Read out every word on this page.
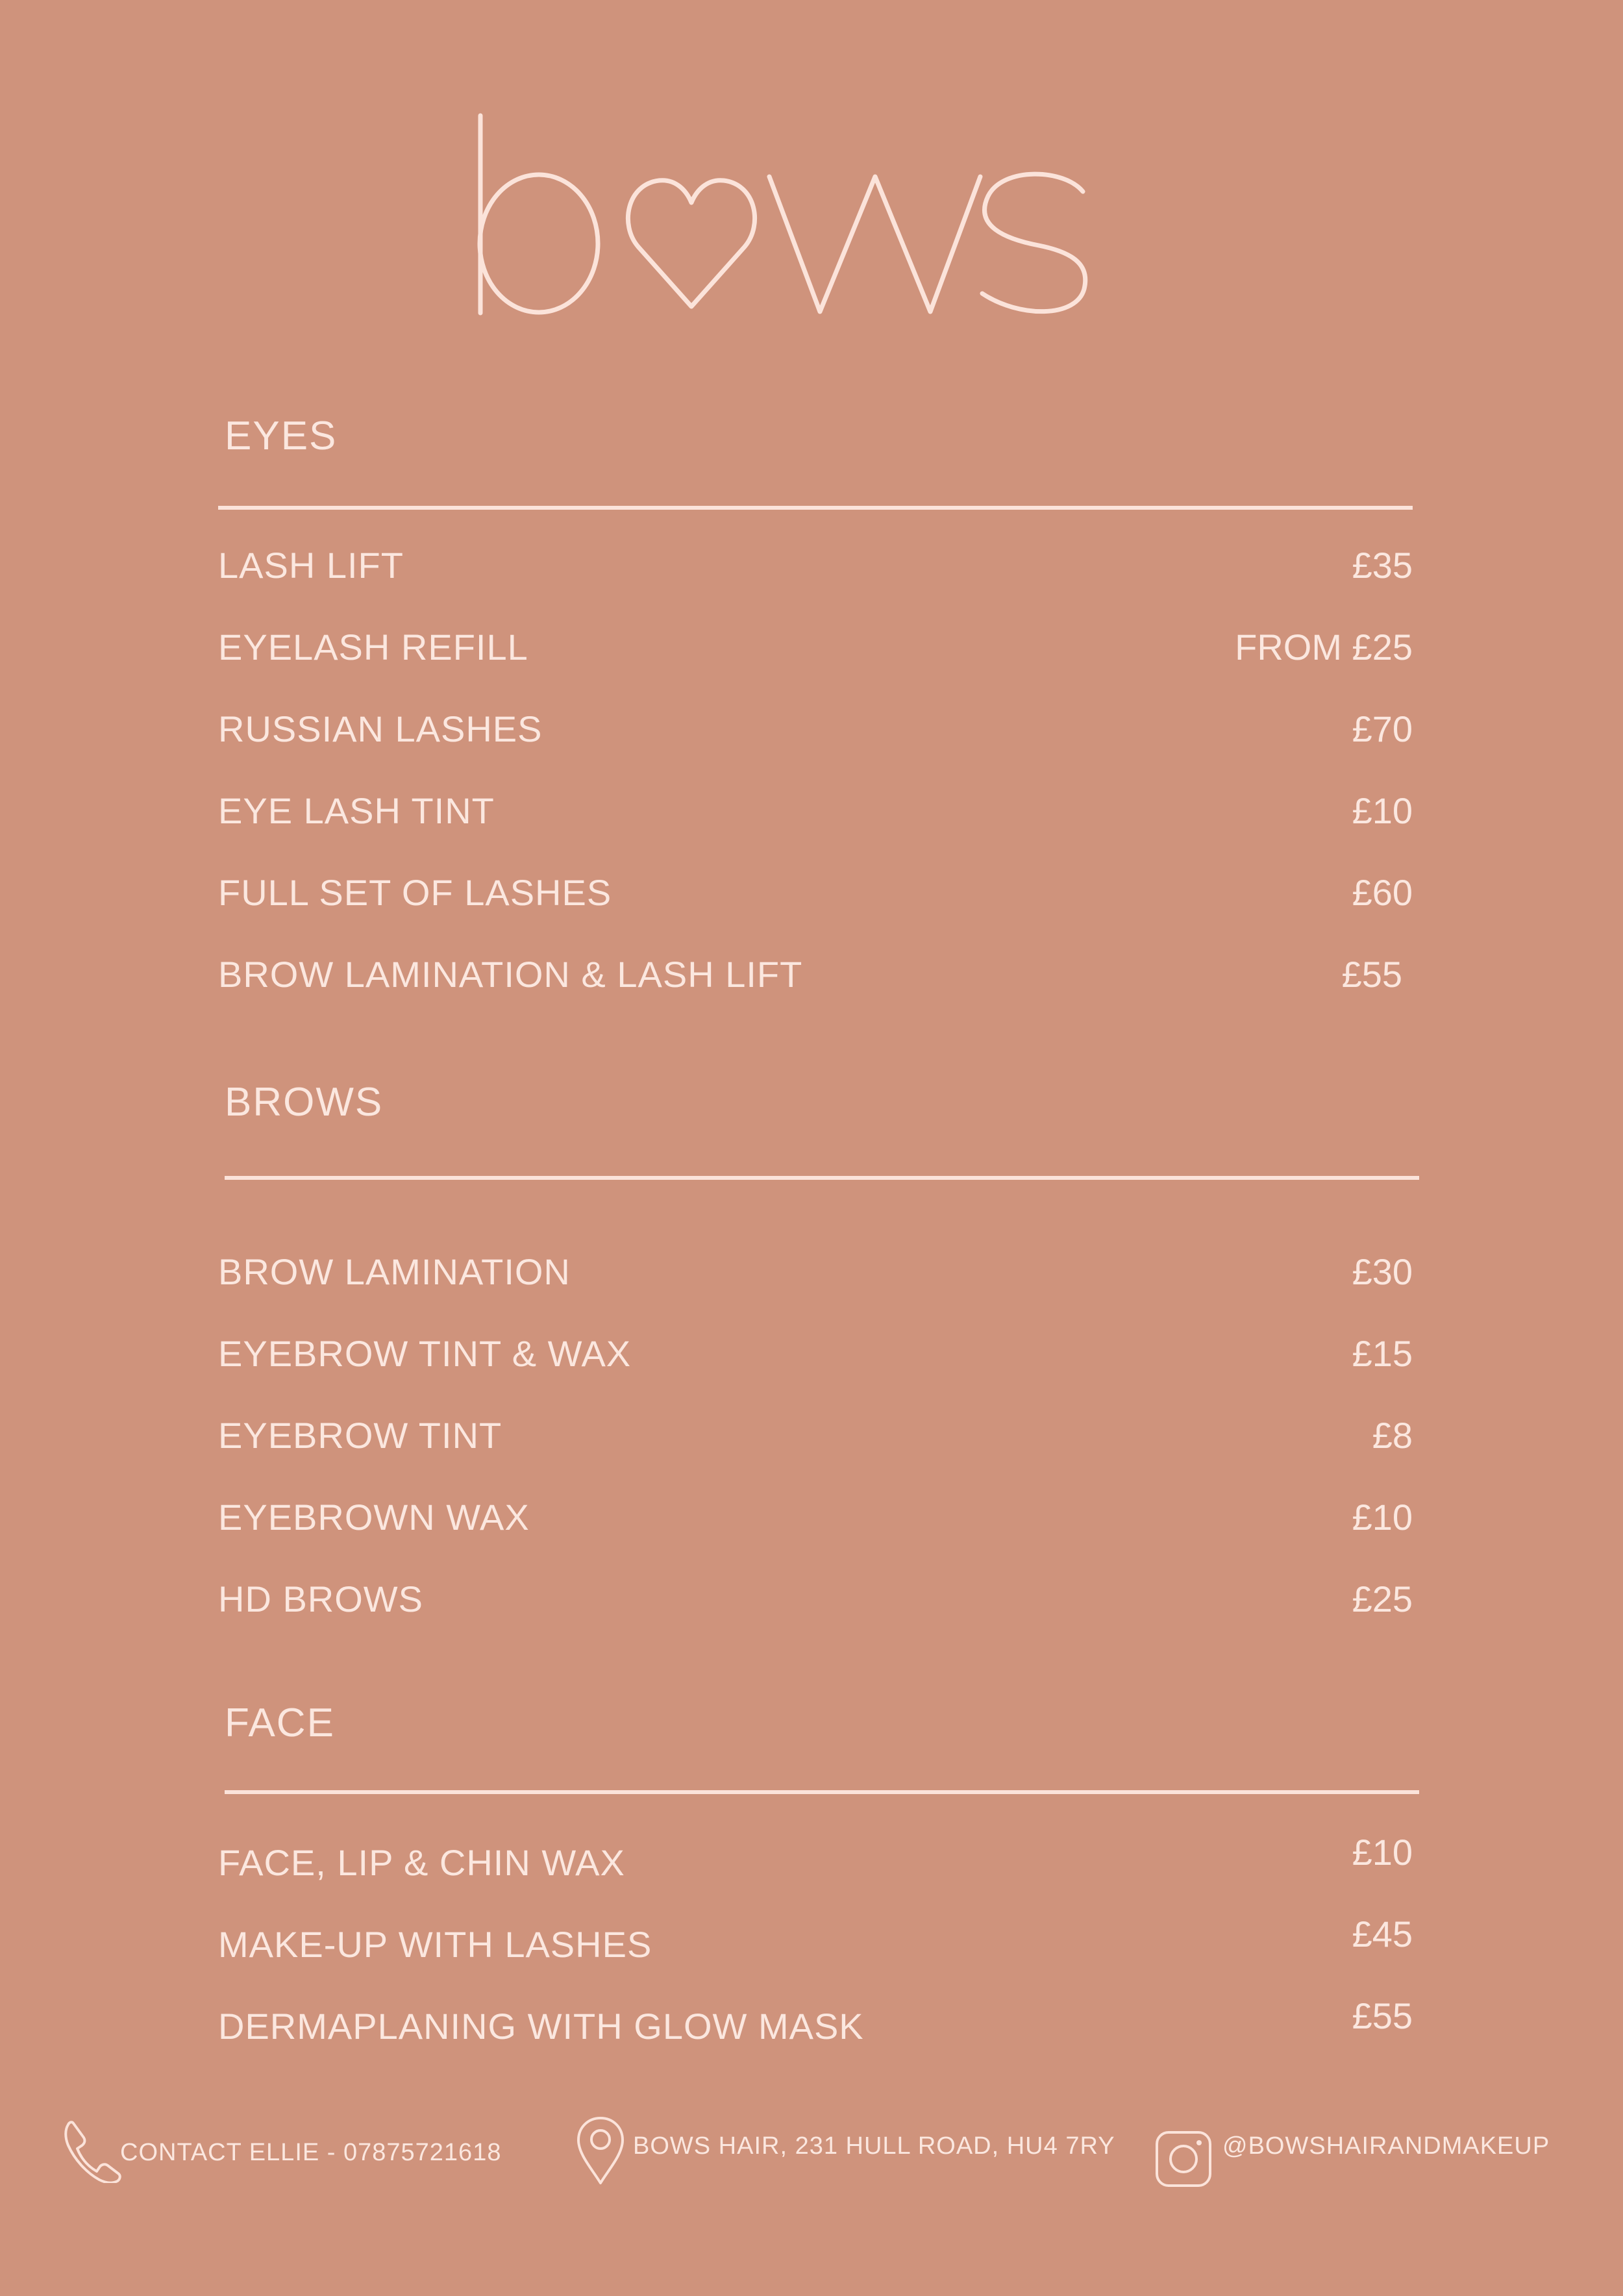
EYES
LASH LIFT	£35
EYELASH REFILL	FROM £25
RUSSIAN LASHES	£70
EYE LASH TINT	£10
FULL SET OF LASHES	£60
BROW LAMINATION & LASH LIFT	£55
BROWS
BROW LAMINATION	£30
EYEBROW TINT & WAX	£15
EYEBROW TINT	£8
EYEBROWN WAX	£10
HD BROWS	£25
FACE
FACE, LIP & CHIN WAX	£10
MAKE-UP WITH LASHES	£45
DERMAPLANING WITH GLOW MASK	£55
CONTACT ELLIE - 07875721618	BOWS HAIR, 231 HULL ROAD, HU4 7RY	@BOWSHAIRANDMAKEUP
